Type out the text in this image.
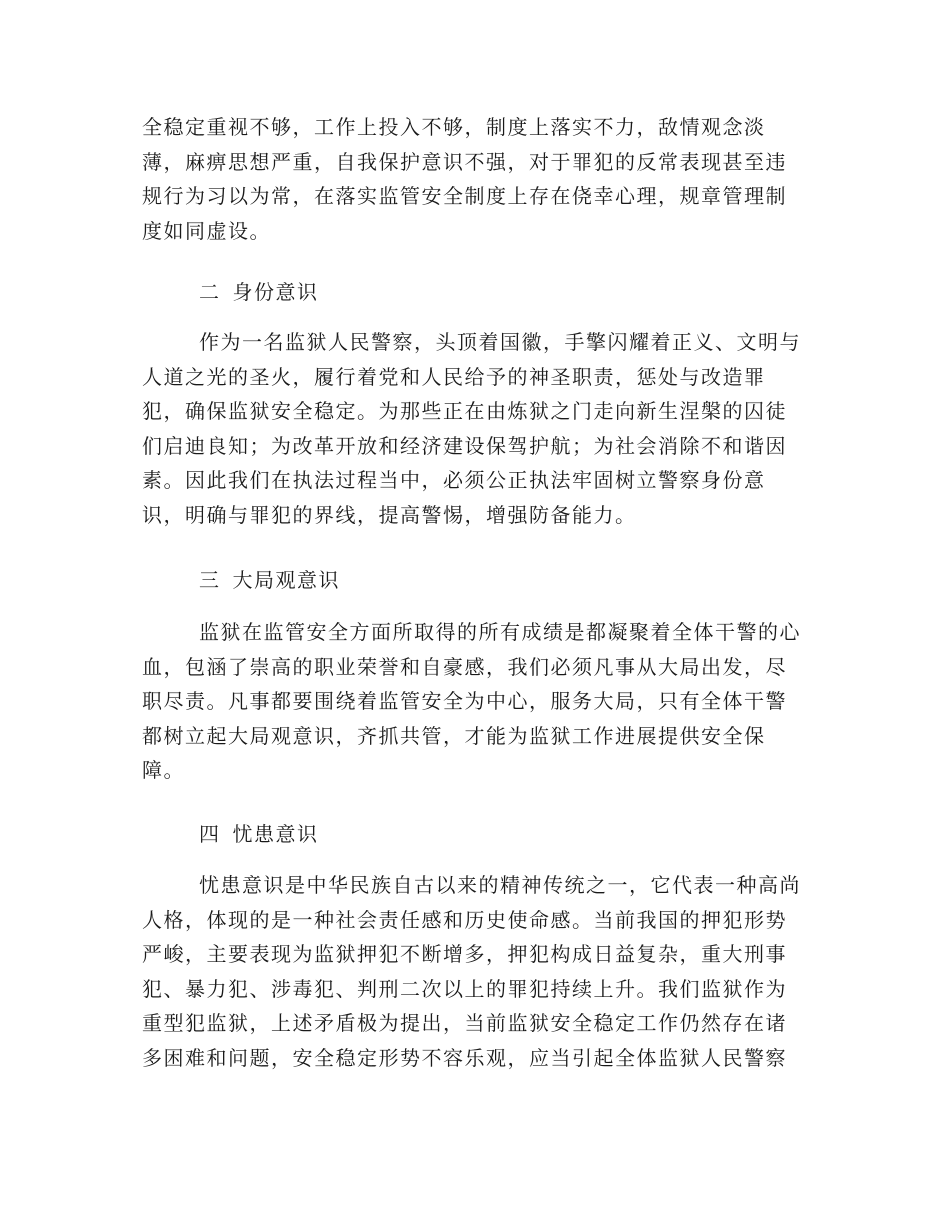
全稳定重视不够，工作上投入不够，制度上落实不力，敌情观念淡
薄，麻痹思想严重，自我保护意识不强，对于罪犯的反常表现甚至违
规行为习以为常，在落实监管安全制度上存在侥幸心理，规章管理制
度如同虚设。
二 身份意识
作为一名监狱人民警察，头顶着国徽，手擎闪耀着正义、文明与
人道之光的圣火，履行着党和人民给予的神圣职责，惩处与改造罪
犯，确保监狱安全稳定。为那些正在由炼狱之门走向新生涅槃的囚徒
们启迪良知；为改革开放和经济建设保驾护航；为社会消除不和谐因
素。因此我们在执法过程当中，必须公正执法牢固树立警察身份意
识，明确与罪犯的界线，提高警惕，增强防备能力。
三 大局观意识
监狱在监管安全方面所取得的所有成绩是都凝聚着全体干警的心
血，包涵了崇高的职业荣誉和自豪感，我们必须凡事从大局出发，尽
职尽责。凡事都要围绕着监管安全为中心，服务大局，只有全体干警
都树立起大局观意识，齐抓共管，才能为监狱工作进展提供安全保
障。
四 忧患意识
忧患意识是中华民族自古以来的精神传统之一，它代表一种高尚
人格，体现的是一种社会责任感和历史使命感。当前我国的押犯形势
严峻，主要表现为监狱押犯不断增多，押犯构成日益复杂，重大刑事
犯、暴力犯、涉毒犯、判刑二次以上的罪犯持续上升。我们监狱作为
重型犯监狱，上述矛盾极为提出，当前监狱安全稳定工作仍然存在诸
多困难和问题，安全稳定形势不容乐观，应当引起全体监狱人民警察
